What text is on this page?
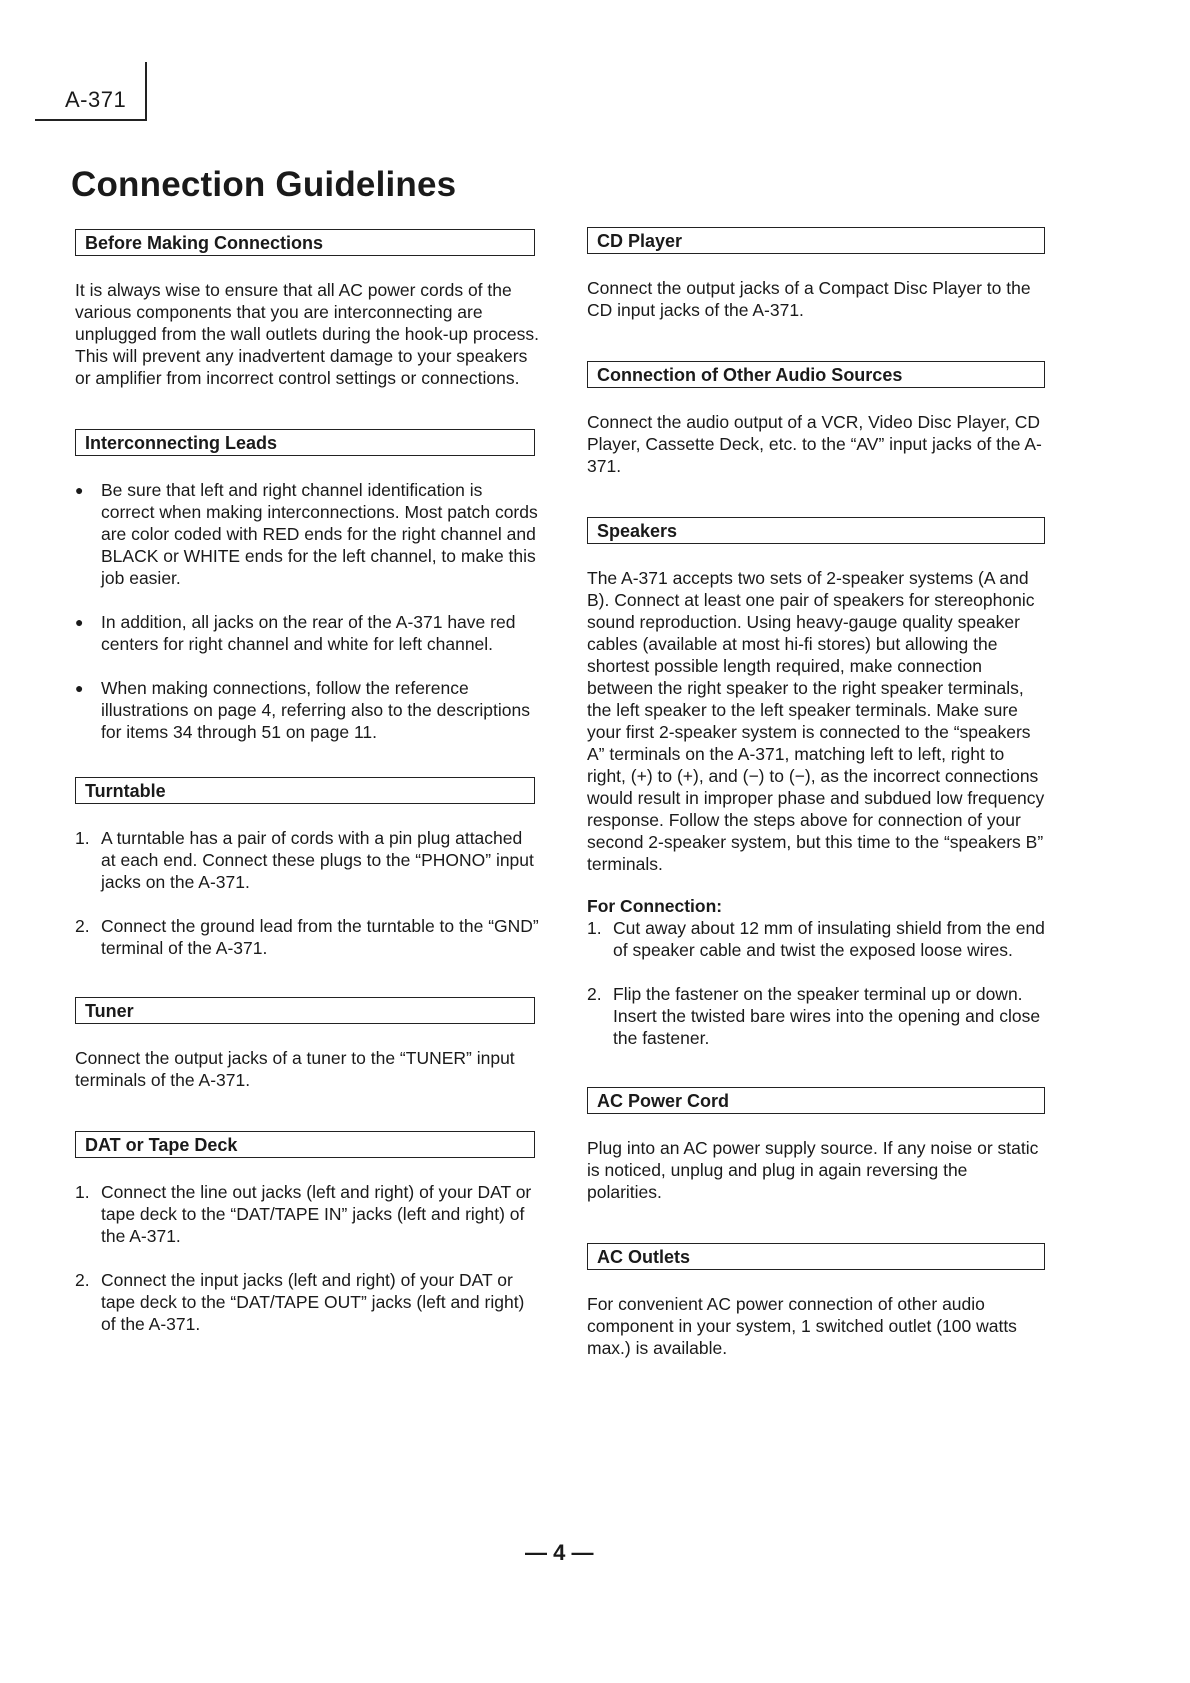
A-371
Connection Guidelines
Before Making Connections

It is always wise to ensure that all AC power cords of the various components that you are interconnecting are unplugged from the wall outlets during the hook-up process. This will prevent any inadvertent damage to your speakers or amplifier from incorrect control settings or connections.

Interconnecting Leads
● Be sure that left and right channel identification is correct when making interconnections. Most patch cords are color coded with RED ends for the right channel and BLACK or WHITE ends for the left channel, to make this job easier.
● In addition, all jacks on the rear of the A-371 have red centers for right channel and white for left channel.
● When making connections, follow the reference illustrations on page 4, referring also to the descriptions for items 34 through 51 on page 11.
Turntable
1. A turntable has a pair of cords with a pin plug attached at each end. Connect these plugs to the “PHONO” input jacks on the A-371.
2. Connect the ground lead from the turntable to the “GND” terminal of the A-371.
Tuner

Connect the output jacks of a tuner to the “TUNER” input terminals of the A-371.

DAT or Tape Deck
1. Connect the line out jacks (left and right) of your DAT or tape deck to the “DAT/TAPE IN” jacks (left and right) of the A-371.
2. Connect the input jacks (left and right) of your DAT or tape deck to the “DAT/TAPE OUT” jacks (left and right) of the A-371.
CD Player

Connect the output jacks of a Compact Disc Player to the CD input jacks of the A-371.

Connection of Other Audio Sources

Connect the audio output of a VCR, Video Disc Player, CD Player, Cassette Deck, etc. to the “AV” input jacks of the A-371.

Speakers

The A-371 accepts two sets of 2-speaker systems (A and B). Connect at least one pair of speakers for stereophonic sound reproduction. Using heavy-gauge quality speaker cables (available at most hi-fi stores) but allowing the shortest possible length required, make connection between the right speaker to the right speaker terminals, the left speaker to the left speaker terminals. Make sure your first 2-speaker system is connected to the “speakers A” terminals on the A-371, matching left to left, right to right, (+) to (+), and (−) to (−), as the incorrect connections would result in improper phase and subdued low frequency response. Follow the steps above for connection of your second 2-speaker system, but this time to the “speakers B” terminals.

For Connection:

1. Cut away about 12 mm of insulating shield from the end of speaker cable and twist the exposed loose wires.
2. Flip the fastener on the speaker terminal up or down. Insert the twisted bare wires into the opening and close the fastener.
AC Power Cord

Plug into an AC power supply source. If any noise or static is noticed, unplug and plug in again reversing the polarities.

AC Outlets

For convenient AC power connection of other audio component in your system, 1 switched outlet (100 watts max.) is available.

— 4 —
